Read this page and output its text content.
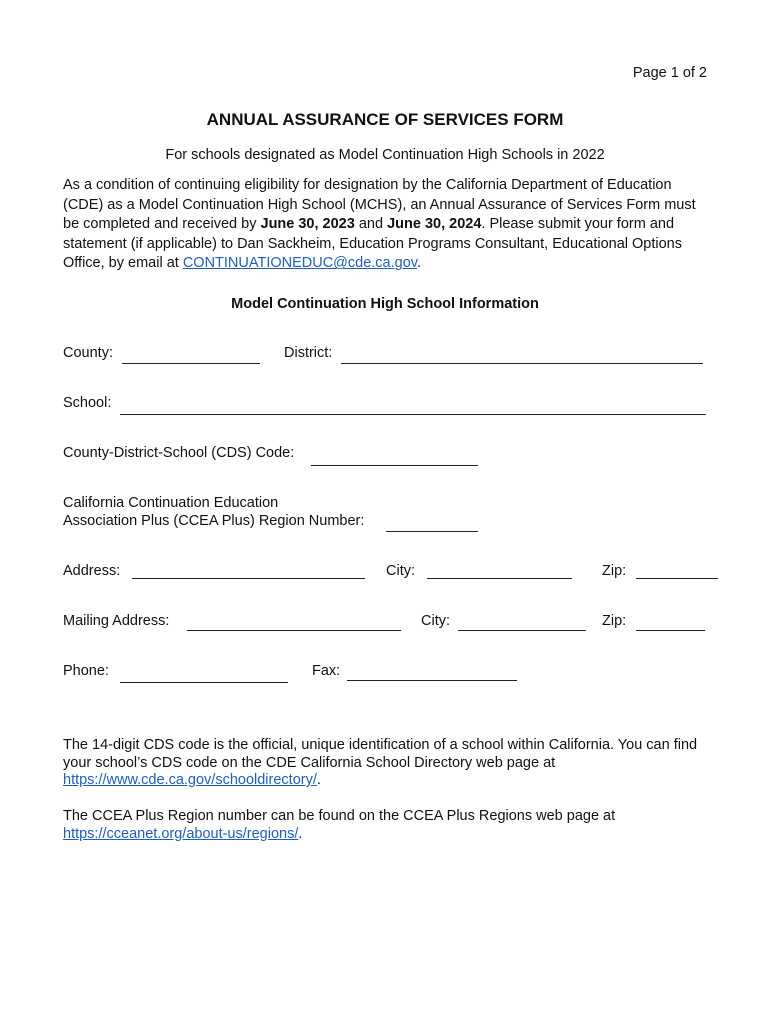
Page 1 of 2
ANNUAL ASSURANCE OF SERVICES FORM
For schools designated as Model Continuation High Schools in 2022
As a condition of continuing eligibility for designation by the California Department of Education (CDE) as a Model Continuation High School (MCHS), an Annual Assurance of Services Form must be completed and received by June 30, 2023 and June 30, 2024. Please submit your form and statement (if applicable) to Dan Sackheim, Education Programs Consultant, Educational Options Office, by email at CONTINUATIONEDUC@cde.ca.gov.
Model Continuation High School Information
County:	District:
School:
County-District-School (CDS) Code:
California Continuation Education
Association Plus (CCEA Plus) Region Number:
Address:	City:	Zip:
Mailing Address:	City:	Zip:
Phone:	Fax:
The 14-digit CDS code is the official, unique identification of a school within California. You can find your school’s CDS code on the CDE California School Directory web page at https://www.cde.ca.gov/schooldirectory/.
The CCEA Plus Region number can be found on the CCEA Plus Regions web page at https://cceanet.org/about-us/regions/.
